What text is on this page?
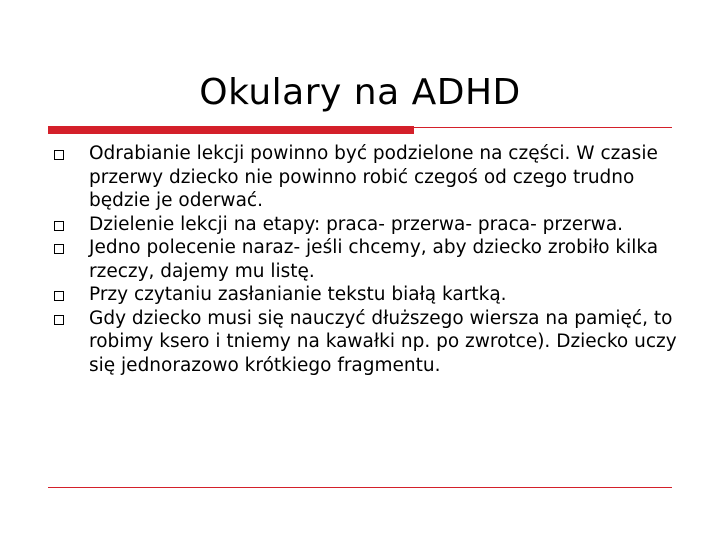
Okulary na ADHD
Odrabianie lekcji powinno być podzielone na części. W czasie przerwy dziecko nie powinno robić czegoś od czego trudno będzie je oderwać.
Dzielenie lekcji na etapy: praca- przerwa- praca- przerwa.
Jedno polecenie naraz- jeśli chcemy, aby dziecko zrobiło kilka rzeczy, dajemy mu listę.
Przy czytaniu zasłanianie tekstu białą kartką.
Gdy dziecko musi się nauczyć dłuższego wiersza na pamięć, to robimy ksero i tniemy na kawałki np. po zwrotce). Dziecko uczy się jednorazowo krótkiego fragmentu.
